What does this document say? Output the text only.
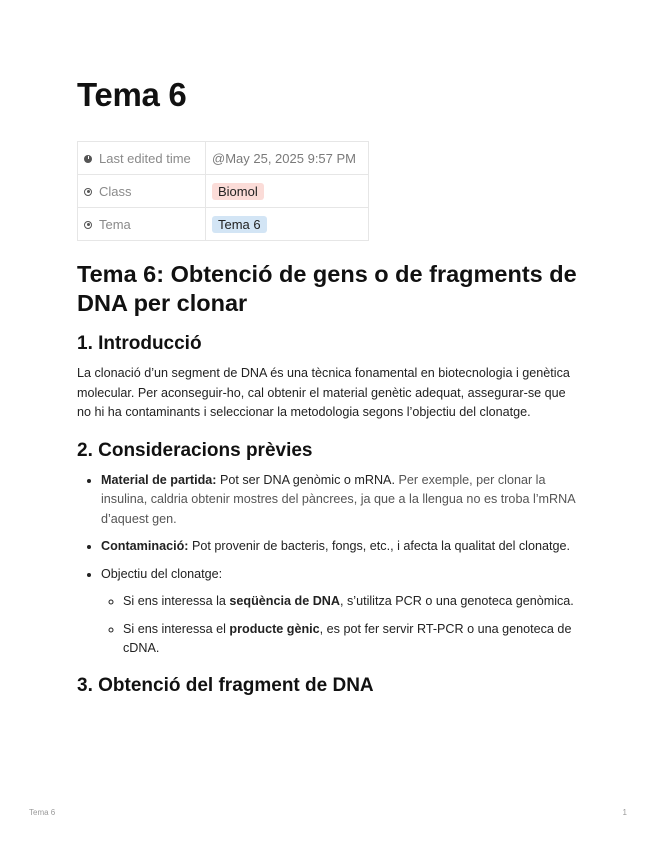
Tema 6
Last edited time	@May 25, 2025 9:57 PM
Class	Biomol
Tema	Tema 6
Tema 6: Obtenció de gens o de fragments de DNA per clonar
1. Introducció

La clonació d’un segment de DNA és una tècnica fonamental en biotecnologia i genètica molecular. Per aconseguir-ho, cal obtenir el material genètic adequat, assegurar-se que no hi ha contaminants i seleccionar la metodologia segons l’objectiu del clonatge.

2. Consideracions prèvies
• Material de partida: Pot ser DNA genòmic o mRNA. Per exemple, per clonar la insulina, caldria obtenir mostres del pàncrees, ja que a la llengua no es troba l’mRNA d’aquest gen.
• Contaminació: Pot provenir de bacteris, fongs, etc., i afecta la qualitat del clonatge.
• Objectiu del clonatge:
◦ Si ens interessa la seqüència de DNA, s’utilitza PCR o una genoteca genòmica.
◦ Si ens interessa el producte gènic, es pot fer servir RT-PCR o una genoteca de cDNA.
3. Obtenció del fragment de DNA
Tema 6	1
